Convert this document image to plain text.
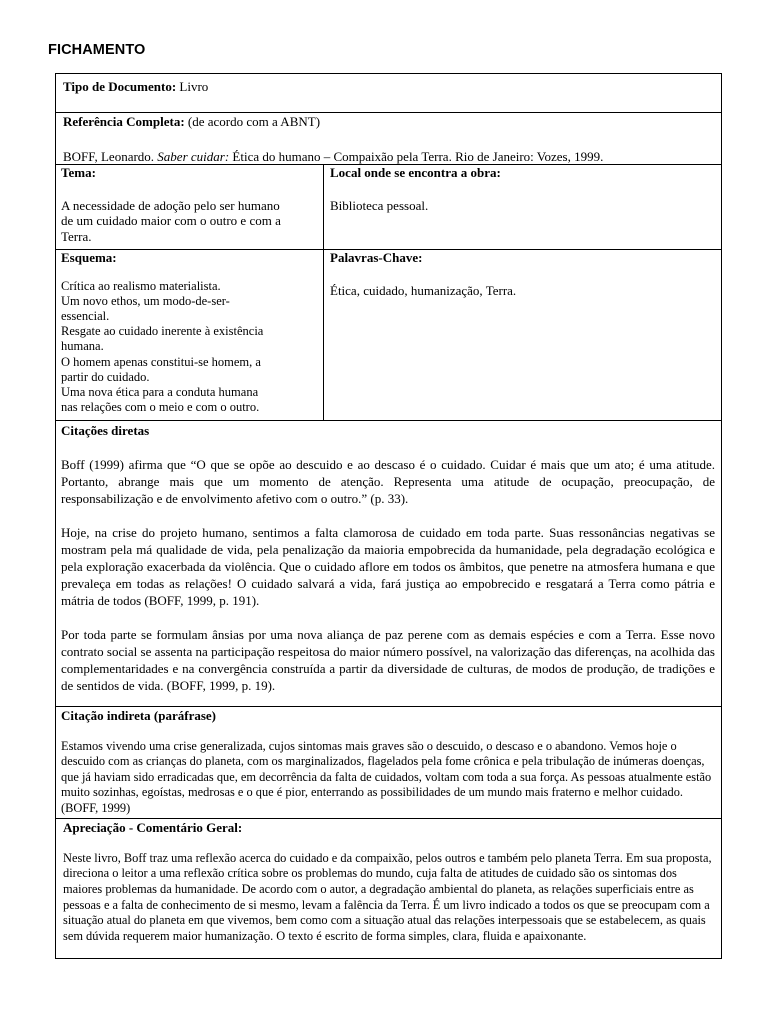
FICHAMENTO
Tipo de Documento: Livro

Referência Completa: (de acordo com a ABNT)

BOFF, Leonardo. Saber cuidar: Ética do humano – Compaixão pela Terra. Rio de Janeiro: Vozes, 1999.

Tema:

A necessidade de adoção pelo ser humano

de um cuidado maior com o outro e com a

Terra.

Local onde se encontra a obra:

Biblioteca pessoal.

Esquema:

Crítica ao realismo materialista.

Um novo ethos, um modo-de-ser-

essencial.

Resgate ao cuidado inerente à existência

humana.

O homem apenas constitui-se homem, a

partir do cuidado.

Uma nova ética para a conduta humana

nas relações com o meio e com o outro.

Palavras-Chave:

Ética, cuidado, humanização, Terra.

Citações diretas

Boff (1999) afirma que “O que se opõe ao descuido e ao descaso é o cuidado. Cuidar é mais que um ato; é uma atitude. Portanto, abrange mais que um momento de atenção. Representa uma atitude de ocupação, preocupação, de responsabilização e de envolvimento afetivo com o outro.” (p. 33).

Hoje, na crise do projeto humano, sentimos a falta clamorosa de cuidado em toda parte. Suas ressonâncias negativas se mostram pela má qualidade de vida, pela penalização da maioria empobrecida da humanidade, pela degradação ecológica e pela exploração exacerbada da violência. Que o cuidado aflore em todos os âmbitos, que penetre na atmosfera humana e que prevaleça em todas as relações! O cuidado salvará a vida, fará justiça ao empobrecido e resgatará a Terra como pátria e mátria de todos (BOFF, 1999, p. 191).

Por toda parte se formulam ânsias por uma nova aliança de paz perene com as demais espécies e com a Terra. Esse novo contrato social se assenta na participação respeitosa do maior número possível, na valorização das diferenças, na acolhida das complementaridades e na convergência construída a partir da diversidade de culturas, de modos de produção, de tradições e de sentidos de vida. (BOFF, 1999, p. 19).

Citação indireta (paráfrase)

Estamos vivendo uma crise generalizada, cujos sintomas mais graves são o descuido, o descaso e o abandono. Vemos hoje o descuido com as crianças do planeta, com os marginalizados, flagelados pela fome crônica e pela tribulação de inúmeras doenças, que já haviam sido erradicadas que, em decorrência da falta de cuidados, voltam com toda a sua força. As pessoas atualmente estão muito sozinhas, egoístas, medrosas e o que é pior, enterrando as possibilidades de um mundo mais fraterno e melhor cuidado. (BOFF, 1999)

Apreciação - Comentário Geral:

Neste livro, Boff traz uma reflexão acerca do cuidado e da compaixão, pelos outros e também pelo planeta Terra. Em sua proposta, direciona o leitor a uma reflexão crítica sobre os problemas do mundo, cuja falta de atitudes de cuidado são os sintomas dos maiores problemas da humanidade. De acordo com o autor, a degradação ambiental do planeta, as relações superficiais entre as pessoas e a falta de conhecimento de si mesmo, levam a falência da Terra. É um livro indicado a todos os que se preocupam com a situação atual do planeta em que vivemos, bem como com a situação atual das relações interpessoais que se estabelecem, as quais sem dúvida requerem maior humanização. O texto é escrito de forma simples, clara, fluida e apaixonante.
